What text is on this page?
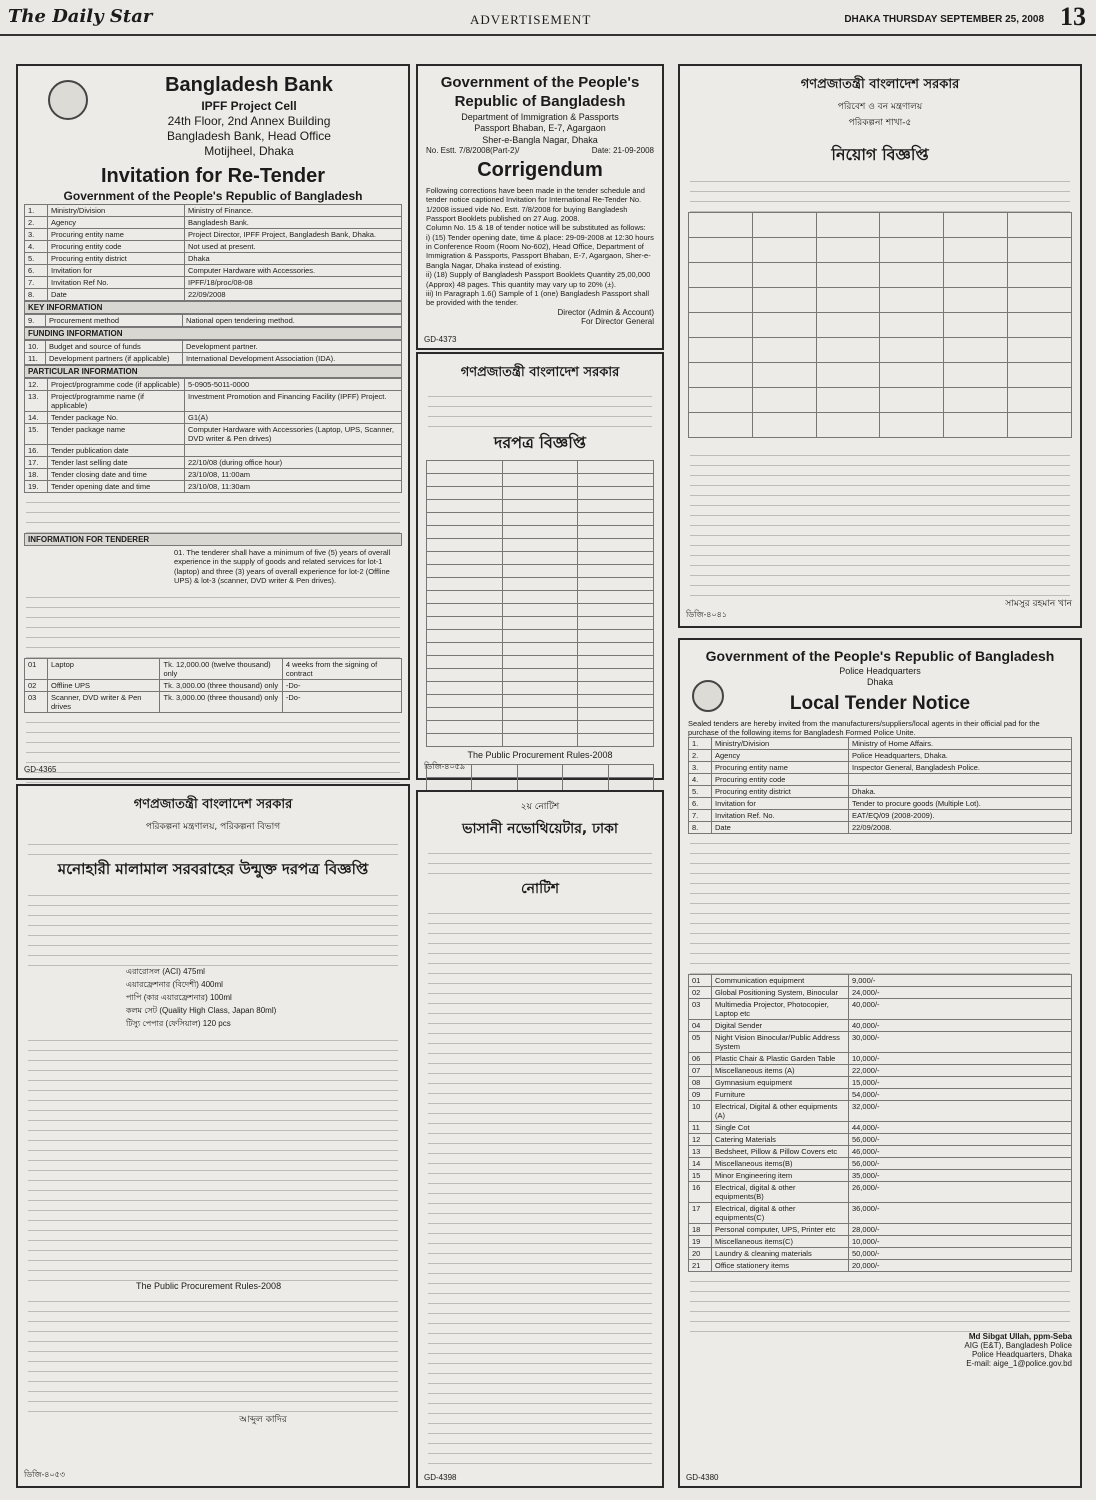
The Daily Star	ADVERTISEMENT	DHAKA THURSDAY SEPTEMBER 25, 2008 13
Bangladesh Bank
IPFF Project Cell
24th Floor, 2nd Annex Building
Bangladesh Bank, Head Office
Motijheel, Dhaka
Invitation for Re-Tender
Government of the People's Republic of Bangladesh
1.	Ministry/Division	Ministry of Finance.
2.	Agency	Bangladesh Bank.
3.	Procuring entity name	Project Director, IPFF Project, Bangladesh Bank, Dhaka.
4.	Procuring entity code	Not used at present.
5.	Procuring entity district	Dhaka
6.	Invitation for	Computer Hardware with Accessories.
7.	Invitation Ref No.	IPFF/18/proc/08-08
8.	Date	22/09/2008
KEY INFORMATION
9.	Procurement method	National open tendering method.
FUNDING INFORMATION
10.	Budget and source of funds	Development partner.
11.	Development partners (if applicable)	International Development Association (IDA).
PARTICULAR INFORMATION
12.	Project/programme code (if applicable)	5-0905-5011-0000
13.	Project/programme name (if applicable)	Investment Promotion and Financing Facility (IPFF) Project.
14.	Tender package No.	G1(A)
15.	Tender package name	Computer Hardware with Accessories (Laptop, UPS, Scanner, DVD writer & Pen drives)
16.	Tender publication date	
17.	Tender last selling date	22/10/08 (during office hour)
18.	Tender closing date and time	23/10/08, 11:00am
19.	Tender opening date and time	23/10/08, 11:30am
INFORMATION FOR TENDERER
01. The tenderer shall have a minimum of five (5) years of overall experience in the supply of goods and related services for lot-1 (laptop) and three (3) years of overall experience for lot-2 (Offline UPS) & lot-3 (scanner, DVD writer & Pen drives).
01	Laptop	Tk. 12,000.00 (twelve thousand) only	4 weeks from the signing of contract
02	Offline UPS	Tk. 3,000.00 (three thousand) only	-Do-
03	Scanner, DVD writer & Pen drives	Tk. 3,000.00 (three thousand) only	-Do-
GD-4365
Government of the People's
Republic of Bangladesh
Department of Immigration & Passports
Passport Bhaban, E-7, Agargaon
Sher-e-Bangla Nagar, Dhaka
No. Estt. 7/8/2008(Part-2)/	Date: 21-09-2008
Corrigendum
Following corrections have been made in the tender schedule and tender notice captioned Invitation for International Re-Tender No. 1/2008 issued vide No. Estt. 7/8/2008 for buying Bangladesh Passport Booklets published on 27 Aug. 2008.
Column No. 15 & 18 of tender notice will be substituted as follows:
i) (15) Tender opening date, time & place: 29-09-2008 at 12:30 hours in Conference Room (Room No-602), Head Office, Department of Immigration & Passports, Passport Bhaban, E-7, Agargaon, Sher-e-Bangla Nagar, Dhaka instead of existing.
ii) (18) Supply of Bangladesh Passport Booklets Quantity 25,00,000 (Approx) 48 pages. This quantity may vary up to 20% (±).
iii) In Paragraph 1.6() Sample of 1 (one) Bangladesh Passport shall be provided with the tender.
Director (Admin & Account)
For Director General
GD-4373
গণপ্রজাতন্ত্রী বাংলাদেশ সরকার
দরপত্র বিজ্ঞপ্তি

The Public Procurement Rules-2008

ডিজি-৪০৫৯
গণপ্রজাতন্ত্রী বাংলাদেশ সরকার
পরিবেশ ও বন মন্ত্রণালয়
পরিকল্পনা শাখা-৫
নিয়োগ বিজ্ঞপ্তি

সামসুর রহমান খান
ডিজি-৪০৪১
Government of the People's Republic of Bangladesh
Police Headquarters
Dhaka
Local Tender Notice
Sealed tenders are hereby invited from the manufacturers/suppliers/local agents in their official pad for the purchase of the following items for Bangladesh Formed Police Unite.
1.	Ministry/Division	Ministry of Home Affairs.
2.	Agency	Police Headquarters, Dhaka.
3.	Procuring entity name	Inspector General, Bangladesh Police.
4.	Procuring entity code	
5.	Procuring entity district	Dhaka.
6.	Invitation for	Tender to procure goods (Multiple Lot).
7.	Invitation Ref. No.	EAT/EQ/09 (2008-2009).
8.	Date	22/09/2008.
01	Communication equipment	9,000/-
02	Global Positioning System, Binocular	24,000/-
03	Multimedia Projector, Photocopier, Laptop etc	40,000/-
04	Digital Sender	40,000/-
05	Night Vision Binocular/Public Address System	30,000/-
06	Plastic Chair & Plastic Garden Table	10,000/-
07	Miscellaneous items (A)	22,000/-
08	Gymnasium equipment	15,000/-
09	Furniture	54,000/-
10	Electrical, Digital & other equipments (A)	32,000/-
11	Single Cot	44,000/-
12	Catering Materials	56,000/-
13	Bedsheet, Pillow & Pillow Covers etc	46,000/-
14	Miscellaneous items(B)	56,000/-
15	Minor Engineering item	35,000/-
16	Electrical, digital & other equipments(B)	26,000/-
17	Electrical, digital & other equipments(C)	36,000/-
18	Personal computer, UPS, Printer etc	28,000/-
19	Miscellaneous items(C)	10,000/-
20	Laundry & cleaning materials	50,000/-
21	Office stationery items	20,000/-
Md Sibgat Ullah, ppm-Seba
AIG (E&T), Bangladesh Police
Police Headquarters, Dhaka
E-mail: aige_1@police.gov.bd
GD-4380
গণপ্রজাতন্ত্রী বাংলাদেশ সরকার
পরিকল্পনা মন্ত্রণালয়, পরিকল্পনা বিভাগ
মনোহারী মালামাল সরবরাহের উন্মুক্ত দরপত্র বিজ্ঞপ্তি
এরারোসল (ACI) 475ml
এয়ারফ্রেশনার (বিদেশী) 400ml
পাপি (কার এয়ারফ্রেশনার) 100ml
কলম সেট (Quality High Class, Japan 80ml)
টিস্যু পেপার (ফেসিয়াল) 120 pcs
The Public Procurement Rules-2008
আব্দুল কাদির
ডিজি-৪০৫৩
২য় নোটিশ
ভাসানী নভোথিয়েটার, ঢাকা
নোটিশ
GD-4398
